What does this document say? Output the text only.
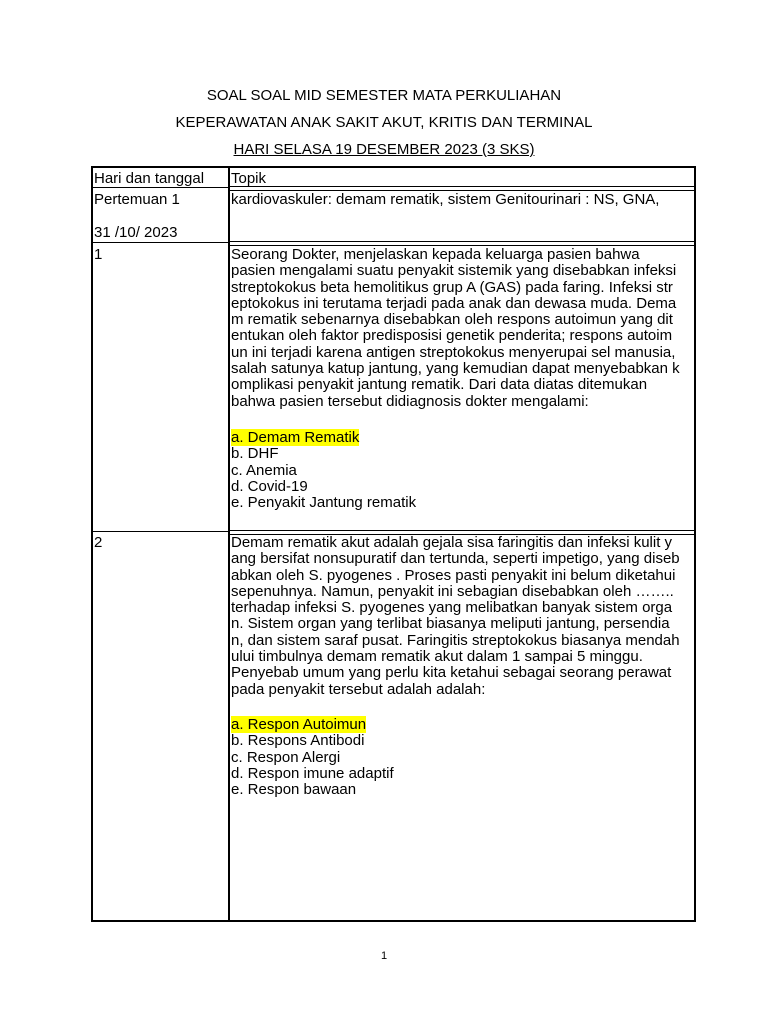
SOAL SOAL MID SEMESTER MATA PERKULIAHAN
KEPERAWATAN ANAK SAKIT AKUT, KRITIS DAN TERMINAL
HARI SELASA 19 DESEMBER 2023 (3 SKS)
Hari dan tanggal Topik
Pertemuan 1
31 /10/ 2023
kardiovaskuler: demam rematik, sistem Genitourinari : NS, GNA,
1	Seorang Dokter, menjelaskan kepada keluarga pasien bahwa
pasien mengalami suatu penyakit sistemik yang disebabkan infeksi
streptokokus beta hemolitikus grup A (GAS) pada faring. Infeksi str
eptokokus ini terutama terjadi pada anak dan dewasa muda. Dema
m rematik sebenarnya disebabkan oleh respons autoimun yang dit
entukan oleh faktor predisposisi genetik penderita; respons autoim
un ini terjadi karena antigen streptokokus menyerupai sel manusia,
salah satunya katup jantung, yang kemudian dapat menyebabkan k
omplikasi penyakit jantung rematik. Dari data diatas ditemukan
bahwa pasien tersebut didiagnosis dokter mengalami:
a. Demam Rematik
b. DHF
c. Anemia
d. Covid-19
e. Penyakit Jantung rematik
2	Demam rematik akut adalah gejala sisa faringitis dan infeksi kulit y
ang bersifat nonsupuratif dan tertunda, seperti impetigo, yang diseb
abkan oleh S. pyogenes . Proses pasti penyakit ini belum diketahui
sepenuhnya. Namun, penyakit ini sebagian disebabkan oleh ……..
terhadap infeksi S. pyogenes yang melibatkan banyak sistem orga
n. Sistem organ yang terlibat biasanya meliputi jantung, persendia
n, dan sistem saraf pusat. Faringitis streptokokus biasanya mendah
ului timbulnya demam rematik akut dalam 1 sampai 5 minggu.
Penyebab umum yang perlu kita ketahui sebagai seorang perawat
pada penyakit tersebut adalah adalah:
a. Respon Autoimun
b. Respons Antibodi
c. Respon Alergi
d. Respon imune adaptif
e. Respon bawaan
1
